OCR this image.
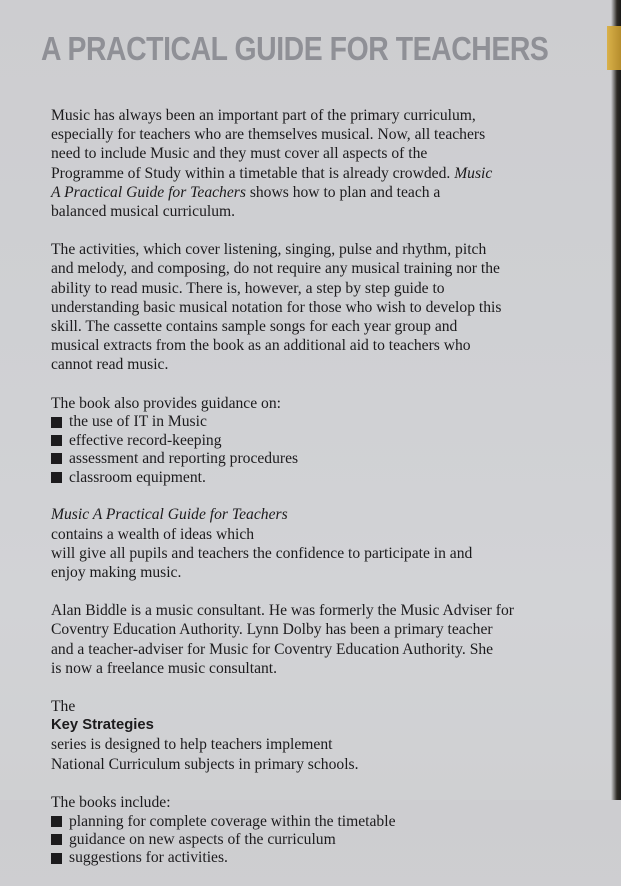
A PRACTICAL GUIDE FOR TEACHERS

Music has always been an important part of the primary curriculum,

especially for teachers who are themselves musical. Now, all teachers

need to include Music and they must cover all aspects of the

Programme of Study within a timetable that is already crowded. Music

A Practical Guide for Teachers shows how to plan and teach a

balanced musical curriculum.

The activities, which cover listening, singing, pulse and rhythm, pitch

and melody, and composing, do not require any musical training nor the

ability to read music. There is, however, a step by step guide to

understanding basic musical notation for those who wish to develop this

skill. The cassette contains sample songs for each year group and

musical extracts from the book as an additional aid to teachers who

cannot read music.

The book also provides guidance on:

the use of IT in Music
effective record-keeping
assessment and reporting procedures
classroom equipment.

Music A Practical Guide for Teachers
contains a wealth of ideas which

will give all pupils and teachers the confidence to participate in and

enjoy making music.

Alan Biddle is a music consultant. He was formerly the Music Adviser for

Coventry Education Authority. Lynn Dolby has been a primary teacher

and a teacher-adviser for Music for Coventry Education Authority. She

is now a freelance music consultant.

The
Key Strategies
series is designed to help teachers implement

National Curriculum subjects in primary schools.

The books include:

planning for complete coverage within the timetable
guidance on new aspects of the curriculum
suggestions for activities.
